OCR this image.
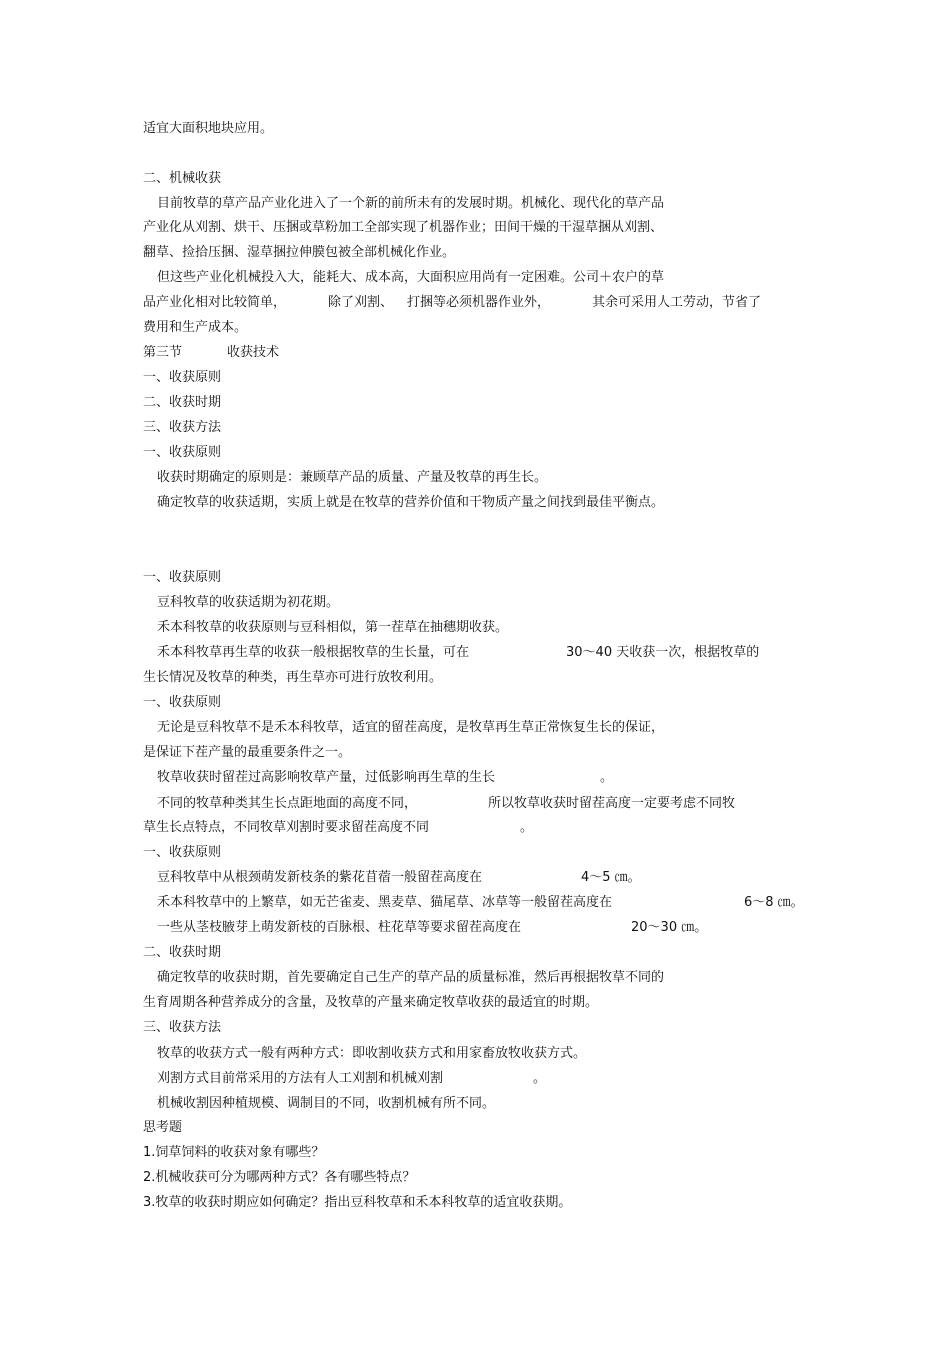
适宜大面积地块应用。
二、机械收获
目前牧草的草产品产业化进入了一个新的前所未有的发展时期。机械化、现代化的草产品
产业化从刈割、烘干、压捆或草粉加工全部实现了机器作业；田间干燥的干湿草捆从刈割、
翻草、捡拾压捆、湿草捆拉伸膜包被全部机械化作业。
但这些产业化机械投入大，能耗大、成本高，大面积应用尚有一定困难。公司＋农户的草
品产业化相对比较简单，	除了刈割、 打捆等必须机器作业外，	其余可采用人工劳动，节省了
费用和生产成本。
第三节	收获技术
一、收获原则
二、收获时期
三、收获方法
一、收获原则
收获时期确定的原则是：兼顾草产品的质量、产量及牧草的再生长。
确定牧草的收获适期，实质上就是在牧草的营养价值和干物质产量之间找到最佳平衡点。
一、收获原则
豆科牧草的收获适期为初花期。
禾本科牧草的收获原则与豆科相似，第一茬草在抽穗期收获。
禾本科牧草再生草的收获一般根据牧草的生长量，可在	30～40 天收获一次，根据牧草的
生长情况及牧草的种类，再生草亦可进行放牧利用。
一、收获原则
无论是豆科牧草不是禾本科牧草，适宜的留茬高度，是牧草再生草正常恢复生长的保证，
是保证下茬产量的最重要条件之一。
牧草收获时留茬过高影响牧草产量，过低影响再生草的生长	。
不同的牧草种类其生长点距地面的高度不同，	所以牧草收获时留茬高度一定要考虑不同牧
草生长点特点，不同牧草刈割时要求留茬高度不同	。
一、收获原则
豆科牧草中从根颈萌发新枝条的紫花苜蓿一般留茬高度在	4～5 ㎝。
禾本科牧草中的上繁草，如无芒雀麦、黑麦草、猫尾草、冰草等一般留茬高度在	6～8 ㎝。
一些从茎枝腋芽上萌发新枝的百脉根、柱花草等要求留茬高度在	20～30 ㎝。
二、收获时期
确定牧草的收获时期，首先要确定自己生产的草产品的质量标准，然后再根据牧草不同的
生育周期各种营养成分的含量，及牧草的产量来确定牧草收获的最适宜的时期。
三、收获方法
牧草的收获方式一般有两种方式：即收割收获方式和用家畜放牧收获方式。
刈割方式目前常采用的方法有人工刈割和机械刈割	。
机械收割因种植规模、调制目的不同，收割机械有所不同。
思考题
1.饲草饲料的收获对象有哪些？
2.机械收获可分为哪两种方式？各有哪些特点？
3.牧草的收获时期应如何确定？指出豆科牧草和禾本科牧草的适宜收获期。
